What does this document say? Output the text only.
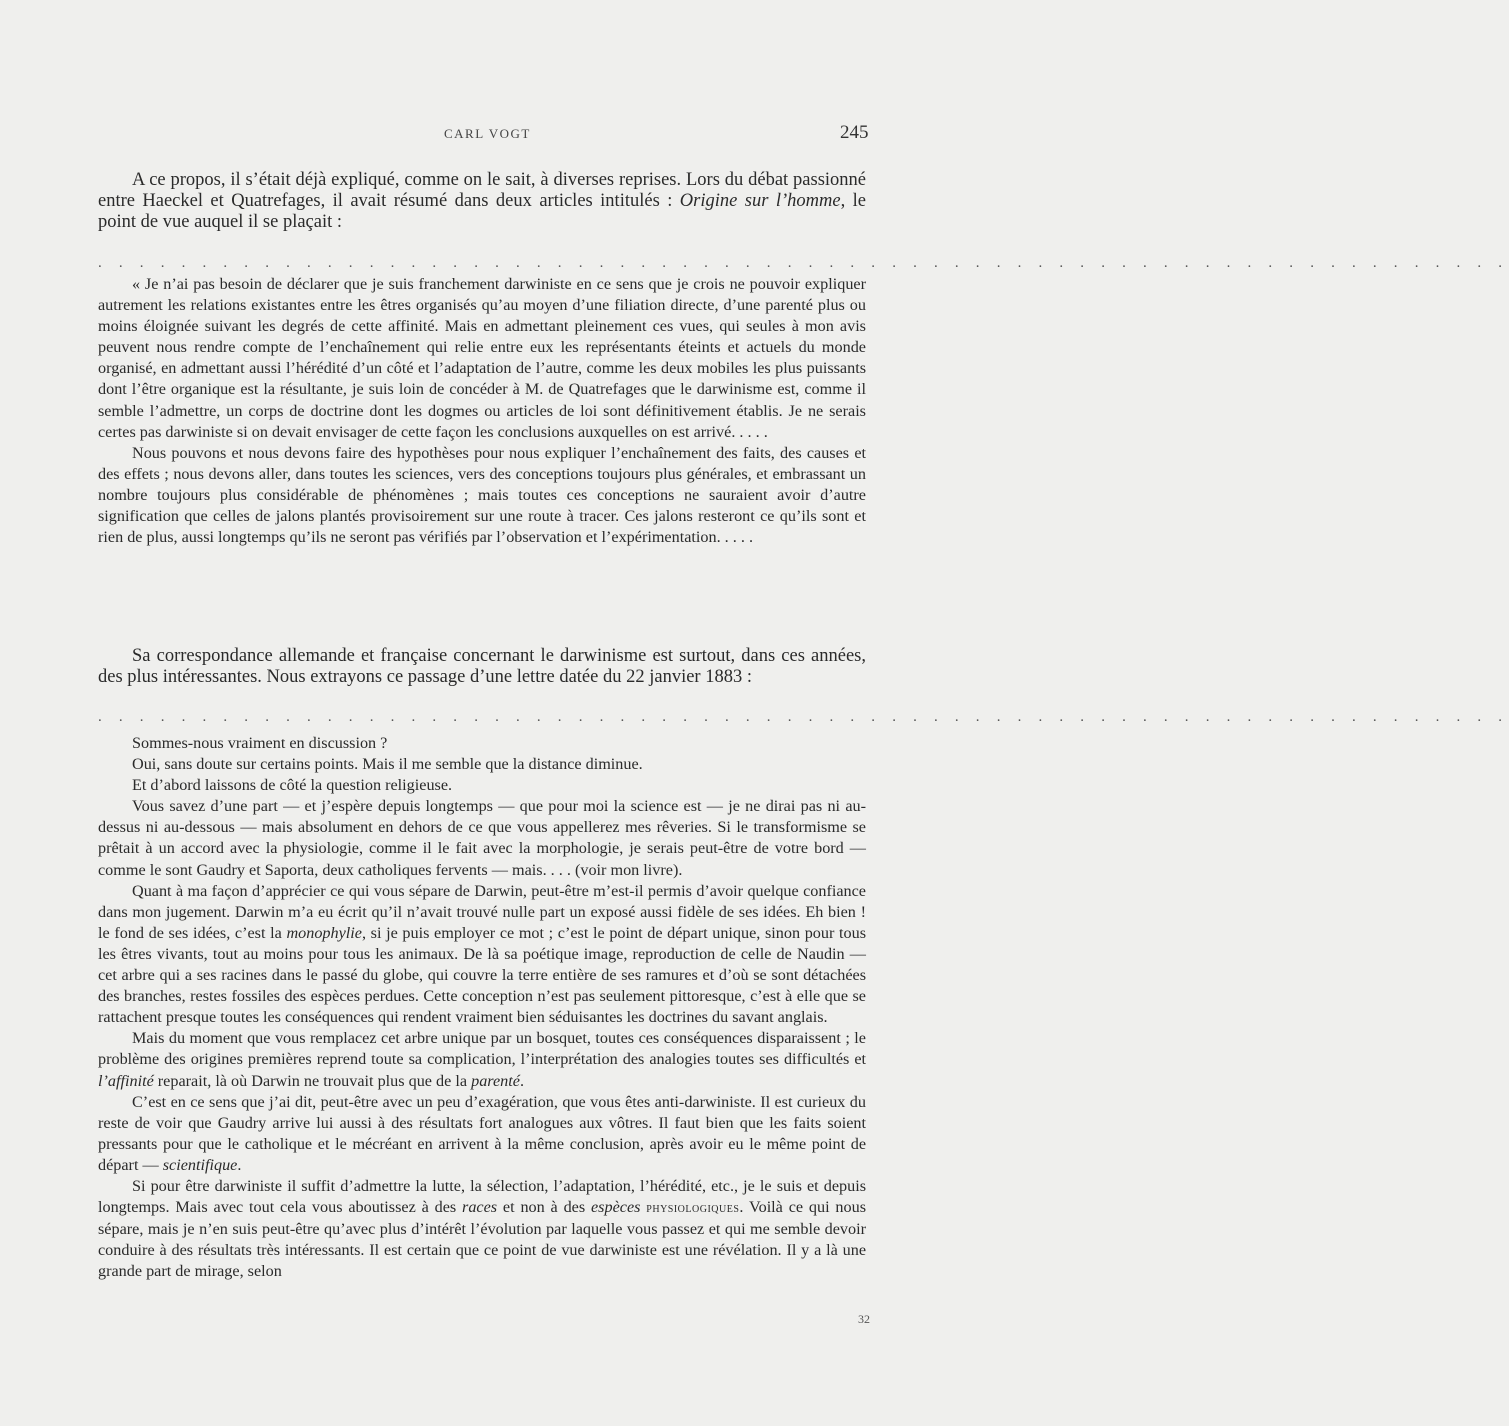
CARL VOGT	245

A ce propos, il s’était déjà expliqué, comme on le sait, à diverses reprises. Lors du débat passionné entre Haeckel et Quatrefages, il avait résumé dans deux articles intitulés : Origine sur l’homme, le point de vue auquel il se plaçait :

. . . . . . . . . . . . . . . . . . . . . . . . . . . . . . . . . . . . . . . . . . . . . . . . . . . . . . . . . . . . . . . . . . . .

« Je n’ai pas besoin de déclarer que je suis franchement darwiniste en ce sens que je crois ne pouvoir expliquer autrement les relations existantes entre les êtres organisés qu’au moyen d’une filiation directe, d’une parenté plus ou moins éloignée suivant les degrés de cette affinité. Mais en admettant pleinement ces vues, qui seules à mon avis peuvent nous rendre compte de l’enchaînement qui relie entre eux les représentants éteints et actuels du monde organisé, en admettant aussi l’hérédité d’un côté et l’adaptation de l’autre, comme les deux mobiles les plus puissants dont l’être organique est la résultante, je suis loin de concéder à M. de Quatrefages que le darwinisme est, comme il semble l’admettre, un corps de doctrine dont les dogmes ou articles de loi sont définitivement établis. Je ne serais certes pas darwiniste si on devait envisager de cette façon les conclusions auxquelles on est arrivé. . . . .

Nous pouvons et nous devons faire des hypothèses pour nous expliquer l’enchaînement des faits, des causes et des effets ; nous devons aller, dans toutes les sciences, vers des conceptions toujours plus générales, et embrassant un nombre toujours plus considérable de phénomènes ; mais toutes ces conceptions ne sauraient avoir d’autre signification que celles de jalons plantés provisoirement sur une route à tracer. Ces jalons resteront ce qu’ils sont et rien de plus, aussi longtemps qu’ils ne seront pas vérifiés par l’observation et l’expérimentation. . . . .

Sa correspondance allemande et française concernant le darwinisme est surtout, dans ces années, des plus intéressantes. Nous extrayons ce passage d’une lettre datée du 22 janvier 1883 :

. . . . . . . . . . . . . . . . . . . . . . . . . . . . . . . . . . . . . . . . . . . . . . . . . . . . . . . . . . . . . . . . . . . .

Sommes-nous vraiment en discussion ?

Oui, sans doute sur certains points. Mais il me semble que la distance diminue.

Et d’abord laissons de côté la question religieuse.

Vous savez d’une part — et j’espère depuis longtemps — que pour moi la science est — je ne dirai pas ni au-dessus ni au-dessous — mais absolument en dehors de ce que vous appellerez mes rêveries. Si le transformisme se prêtait à un accord avec la physiologie, comme il le fait avec la morphologie, je serais peut-être de votre bord — comme le sont Gaudry et Saporta, deux catholiques fervents — mais. . . . (voir mon livre).

Quant à ma façon d’apprécier ce qui vous sépare de Darwin, peut-être m’est-il permis d’avoir quelque confiance dans mon jugement. Darwin m’a eu écrit qu’il n’avait trouvé nulle part un exposé aussi fidèle de ses idées. Eh bien ! le fond de ses idées, c’est la monophylie, si je puis employer ce mot ; c’est le point de départ unique, sinon pour tous les êtres vivants, tout au moins pour tous les animaux. De là sa poétique image, reproduction de celle de Naudin — cet arbre qui a ses racines dans le passé du globe, qui couvre la terre entière de ses ramures et d’où se sont détachées des branches, restes fossiles des espèces perdues. Cette conception n’est pas seulement pittoresque, c’est à elle que se rattachent presque toutes les conséquences qui rendent vraiment bien séduisantes les doctrines du savant anglais.

Mais du moment que vous remplacez cet arbre unique par un bosquet, toutes ces conséquences disparaissent ; le problème des origines premières reprend toute sa complication, l’interprétation des analogies toutes ses difficultés et l’affinité reparait, là où Darwin ne trouvait plus que de la parenté.

C’est en ce sens que j’ai dit, peut-être avec un peu d’exagération, que vous êtes anti-darwiniste. Il est curieux du reste de voir que Gaudry arrive lui aussi à des résultats fort analogues aux vôtres. Il faut bien que les faits soient pressants pour que le catholique et le mécréant en arrivent à la même conclusion, après avoir eu le même point de départ — scientifique.

Si pour être darwiniste il suffit d’admettre la lutte, la sélection, l’adaptation, l’hérédité, etc., je le suis et depuis longtemps. Mais avec tout cela vous aboutissez à des races et non à des espèces physiologiques. Voilà ce qui nous sépare, mais je n’en suis peut-être qu’avec plus d’intérêt l’évolution par laquelle vous passez et qui me semble devoir conduire à des résultats très intéressants. Il est certain que ce point de vue darwiniste est une révélation. Il y a là une grande part de mirage, selon

32
